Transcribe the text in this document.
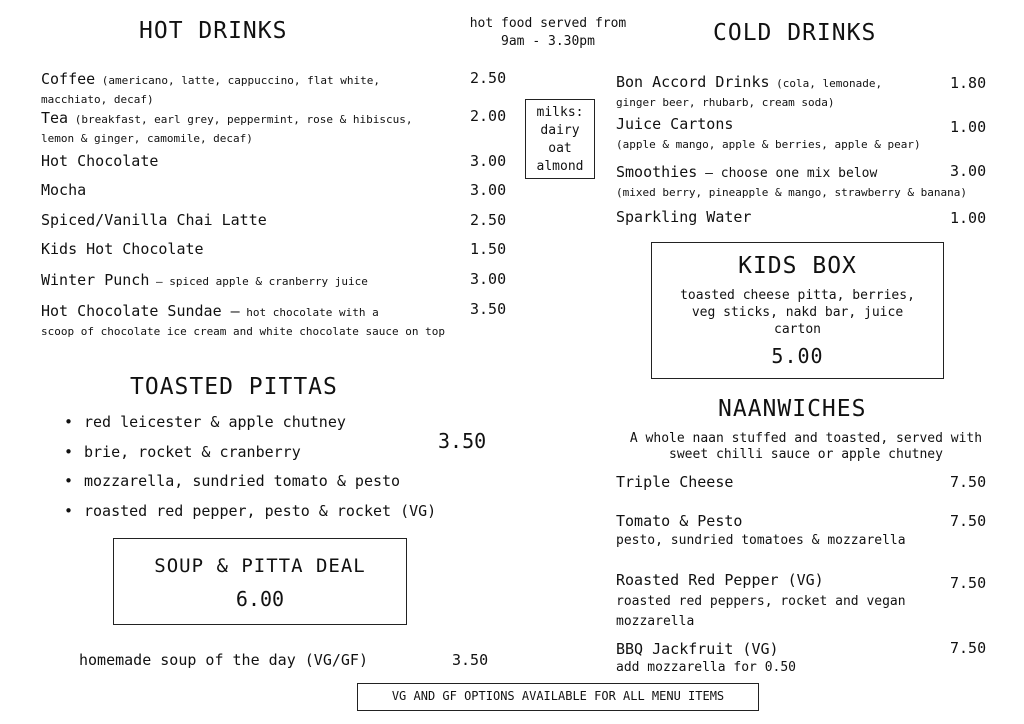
HOT DRINKS
Coffee (americano, latte, cappuccino, flat white,
macchiato, decaf)
2.50
Tea (breakfast, earl grey, peppermint, rose & hibiscus,
lemon & ginger, camomile, decaf)
2.00
Hot Chocolate	3.00
Mocha	3.00
Spiced/Vanilla Chai Latte	2.50
Kids Hot Chocolate	1.50
Winter Punch – spiced apple & cranberry juice	3.00
Hot Chocolate Sundae – hot chocolate with a
scoop of chocolate ice cream and white chocolate sauce on top
3.50
hot food served from
9am - 3.30pm
milks:
dairy
oat
almond
COLD DRINKS
Bon Accord Drinks (cola, lemonade,
ginger beer, rhubarb, cream soda)
1.80
Juice Cartons
(apple & mango, apple & berries, apple & pear)
1.00
Smoothies – choose one mix below
(mixed berry, pineapple & mango, strawberry & banana)
3.00
Sparkling Water	1.00
KIDS BOX
toasted cheese pitta, berries, veg sticks, nakd bar, juice carton
5.00
TOASTED PITTAS
• red leicester & apple chutney
• brie, rocket & cranberry
• mozzarella, sundried tomato & pesto
• roasted red pepper, pesto & rocket (VG)
3.50
SOUP & PITTA DEAL
6.00
homemade soup of the day (VG/GF)	3.50
NAANWICHES
A whole naan stuffed and toasted, served with sweet chilli sauce or apple chutney
Triple Cheese	7.50
Tomato & Pesto
pesto, sundried tomatoes & mozzarella
7.50
Roasted Red Pepper (VG)
roasted red peppers, rocket and vegan mozzarella
7.50
BBQ Jackfruit (VG)
add mozzarella for 0.50
7.50
VG AND GF OPTIONS AVAILABLE FOR ALL MENU ITEMS
